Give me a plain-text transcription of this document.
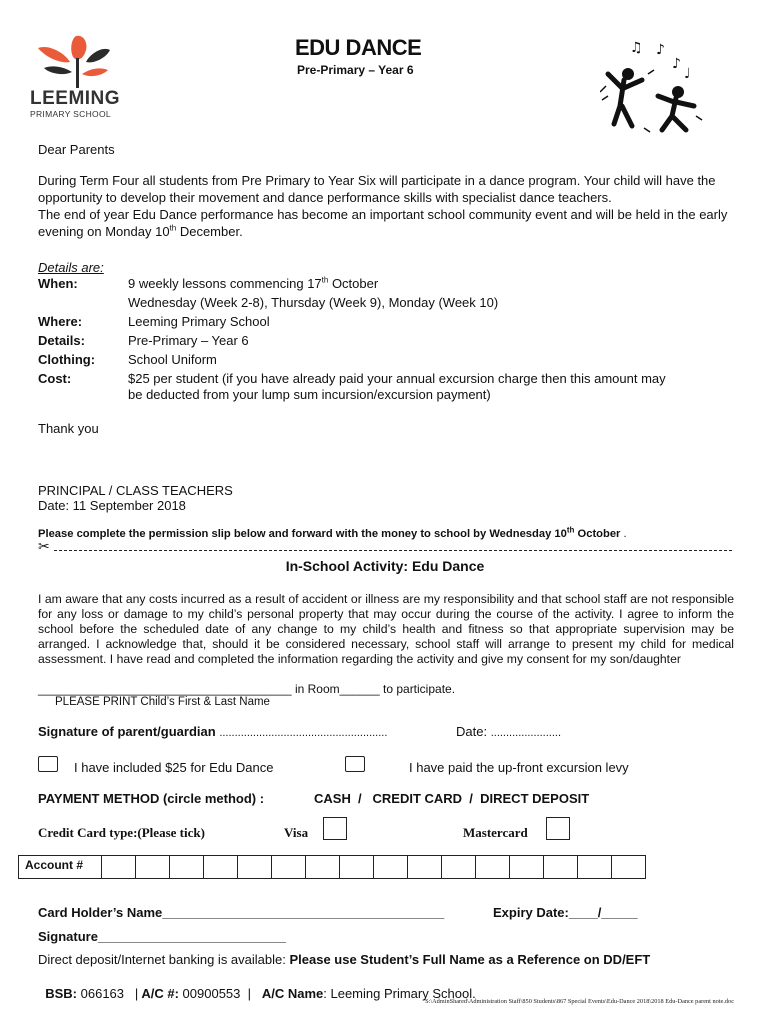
LEEMING
PRIMARY SCHOOL
EDU DANCE
Pre-Primary – Year 6
♫ ♪
♪
♩
Dear Parents
During Term Four all students from Pre Primary to Year Six will participate in a dance program. Your child will have the opportunity to develop their movement and dance performance skills with specialist dance teachers.
The end of year Edu Dance performance has become an important school community event and will be held in the early evening on Monday 10th December.
Details are:
When:	9 weekly lessons commencing 17th October
Wednesday (Week 2-8), Thursday (Week 9), Monday (Week 10)
Where:	Leeming Primary School
Details:	Pre-Primary – Year 6
Clothing:	School Uniform
Cost:	$25 per student (if you have already paid your annual excursion charge then this amount may
be deducted from your lump sum incursion/excursion payment)
Thank you
PRINCIPAL / CLASS TEACHERS
Date: 11 September 2018
Please complete the permission slip below and forward with the money to school by Wednesday 10th October .
✂
In-School Activity: Edu Dance
I am aware that any costs incurred as a result of accident or illness are my responsibility and that school staff are not responsible for any loss or damage to my child’s personal property that may occur during the course of the activity. I agree to inform the school before the scheduled date of any change to my child’s health and fitness so that appropriate supervision may be arranged. I acknowledge that, should it be considered necessary, school staff will arrange to present my child for medical assessment. I have read and completed the information regarding the activity and give my consent for my son/daughter
______________________________________ in Room______ to participate.
PLEASE PRINT Child’s First & Last Name
Signature of parent/guardian .......................................................	Date: .......................
I have included $25 for Edu Dance	I have paid the up-front excursion levy
PAYMENT METHOD (circle method) :	CASH  /   CREDIT CARD  /  DIRECT DEPOSIT
Credit Card type:(Please tick)	Visa	Mastercard
Account #																
Card Holder’s Name_______________________________________	Expiry Date:____/_____
Signature__________________________
Direct deposit/Internet banking is available: Please use Student’s Full Name as a Reference on DD/EFT

BSB: 066163   | A/C #: 00900553  | A/C Name: Leeming Primary School.

S:\AdminShared\Administration Staff\850 Students\867 Special Events\Edu-Dance 2018\2018 Edu-Dance parent note.doc
